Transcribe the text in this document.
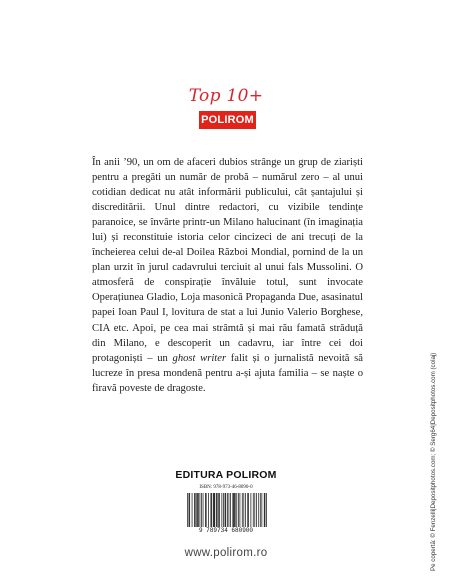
Top 10+
POLIROM

În anii ’90, un om de afaceri dubios strânge un grup de ziariști pentru a pregăti un număr de probă – numărul zero – al unui cotidian dedicat nu atât informării publicului, cât șantajului și discreditării. Unul dintre redactori, cu vizibile tendințe paranoice, se învârte printr-un Milano halucinant (în imaginația lui) și reconstituie istoria celor cincizeci de ani trecuți de la încheierea celui de-al Doilea Război Mondial, pornind de la un plan urzit în jurul cadavrului terciuit al unui fals Mussolini. O atmosferă de conspirație învăluie totul, sunt invocate Operațiunea Gladio, Loja masonică Propaganda Due, asasinatul papei Ioan Paul I, lovitura de stat a lui Junio Valerio Borghese, CIA etc. Apoi, pe cea mai strâmtă și mai rău famată străduță din Milano, e descoperit un cadavru, iar între cei doi protagoniști – un ghost writer falit și o jurnalistă nevoită să lucreze în presa mondenă pentru a-și ajuta familia – se naște o firavă poveste de dragoste.

EDITURA POLIROM
ISBN: 978-973-46-8090-0
9 789734 680900
www.polirom.ro	Pe copertă: © Fenzelli|Depositphotos.com; © Serg64|Depositphotos.com (colaj)
